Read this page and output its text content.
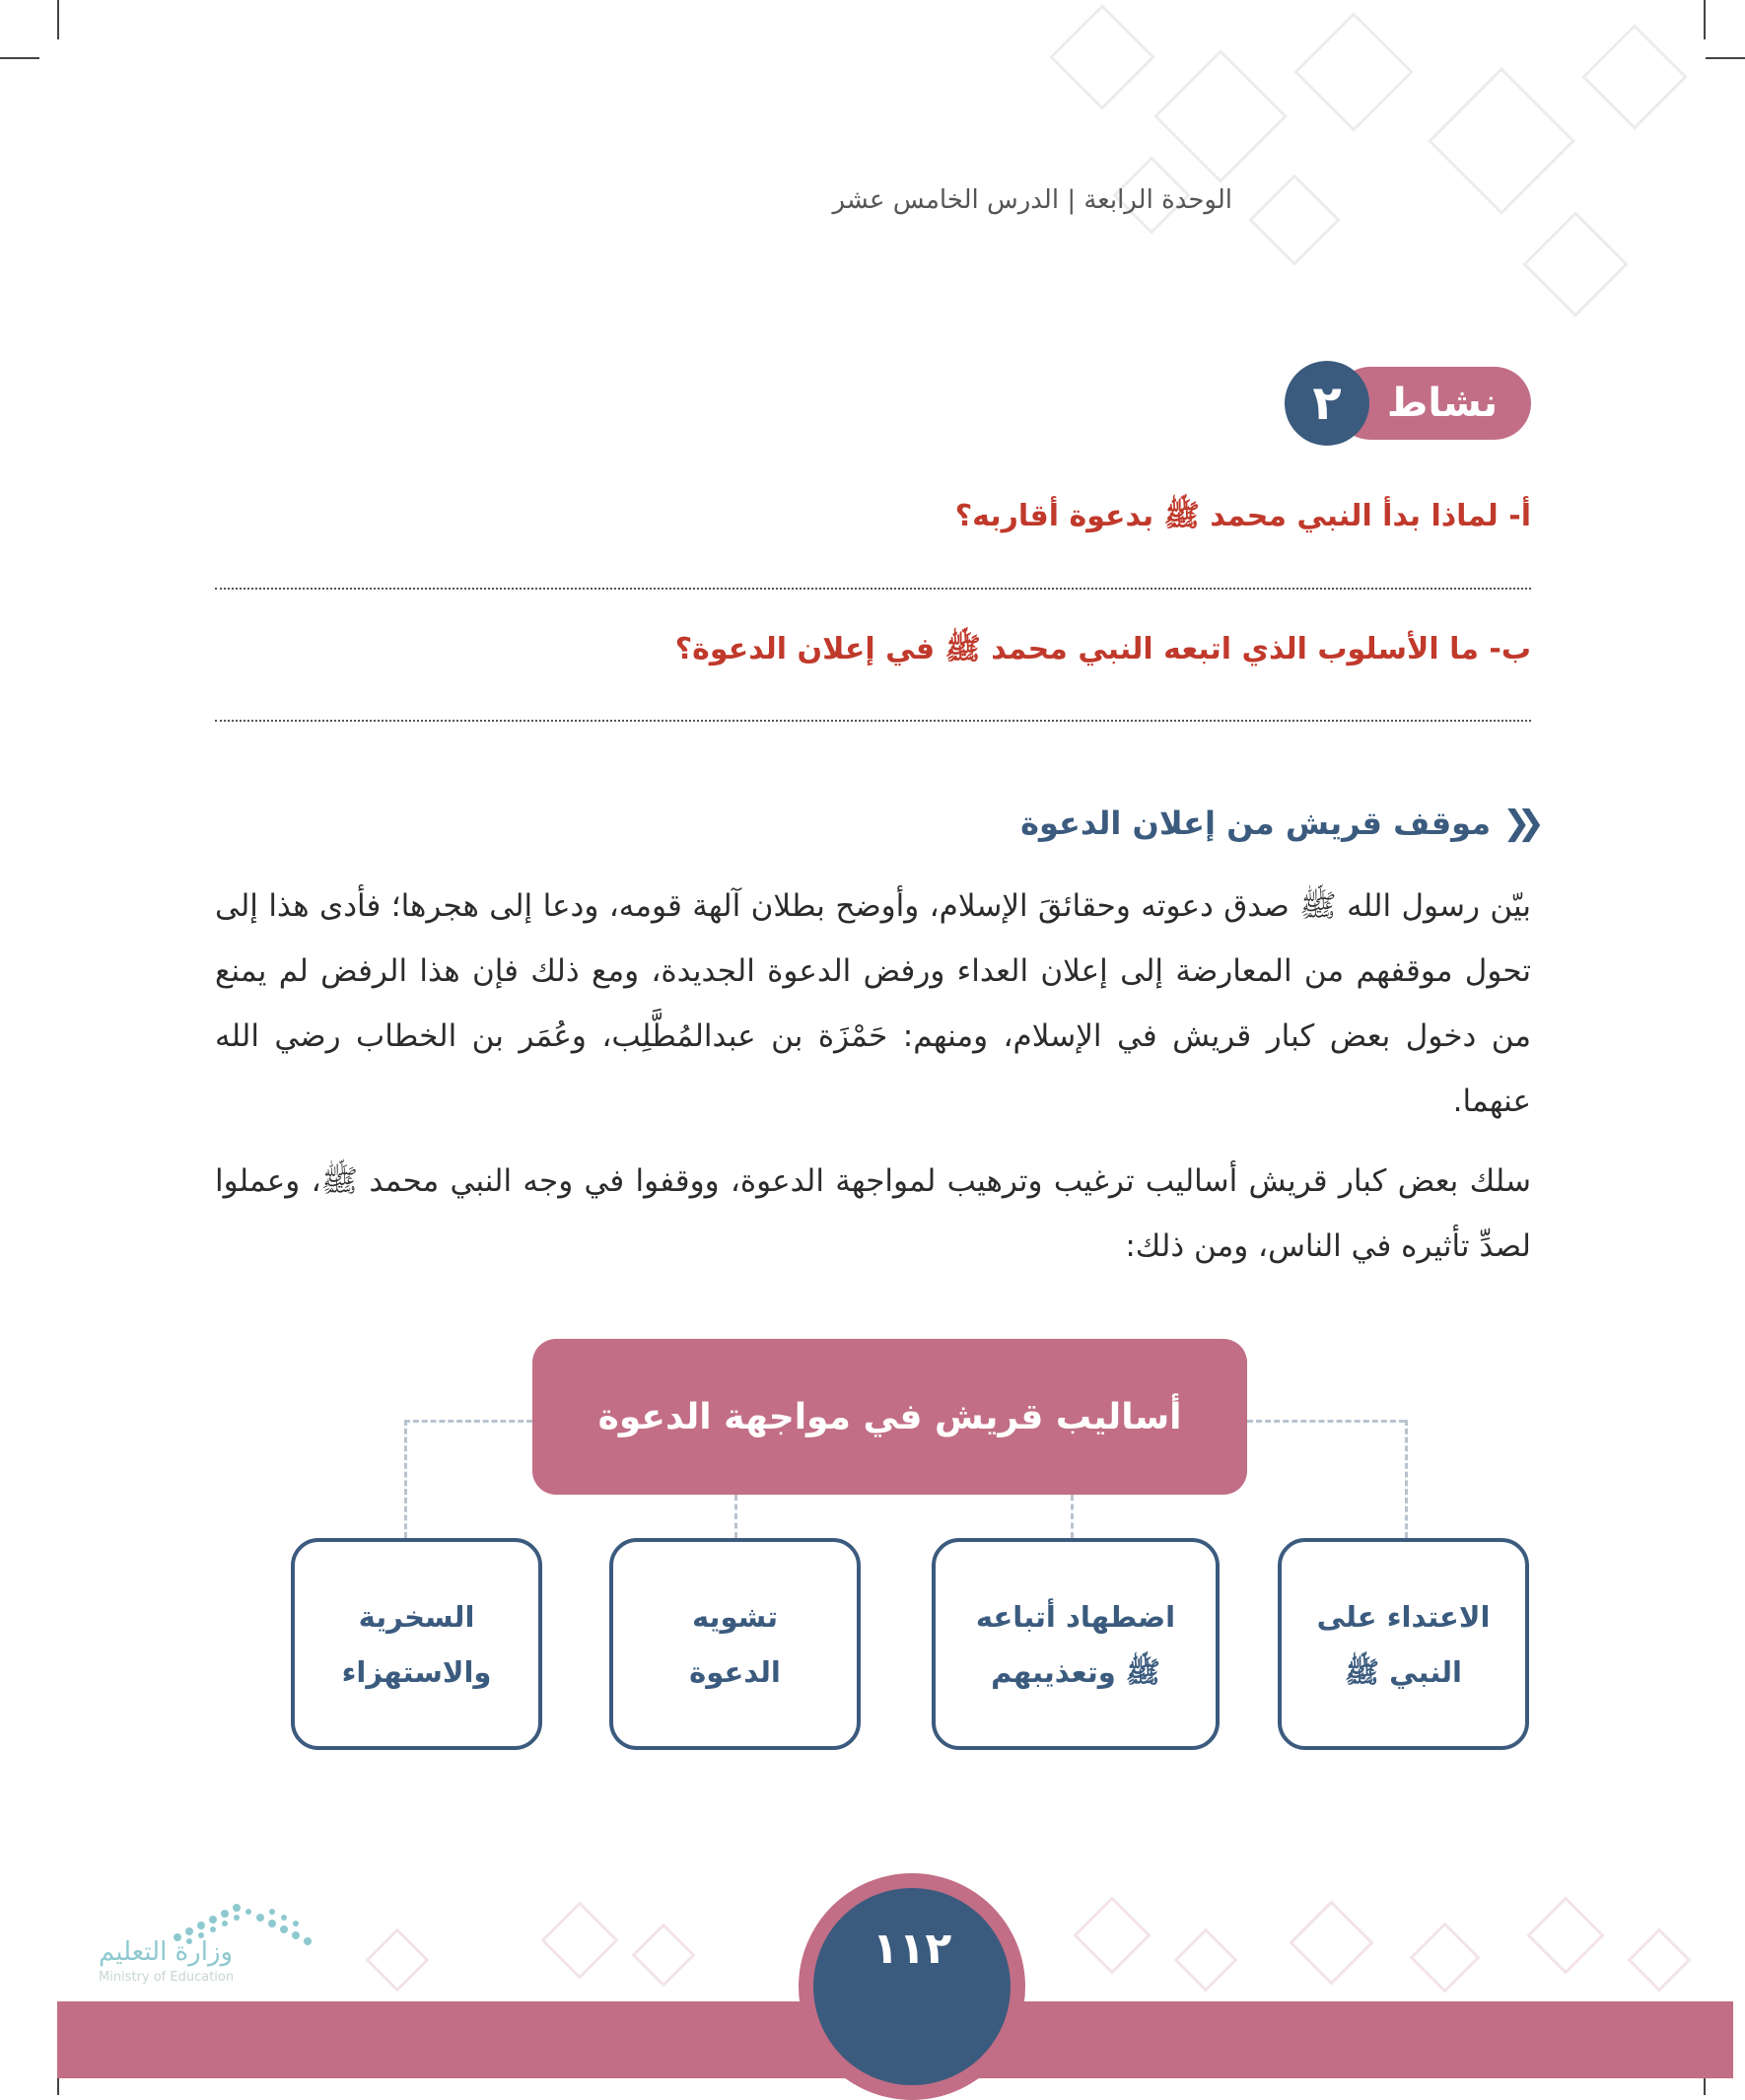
الوحدة الرابعة | الدرس الخامس عشر
نشاط
٢
أ- لماذا بدأ النبي محمد ﷺ بدعوة أقاربه؟
ب- ما الأسلوب الذي اتبعه النبي محمد ﷺ في إعلان الدعوة؟
❮❮
موقف قريش من إعلان الدعوة
بيّن رسول الله ﷺ صدق دعوته وحقائقَ الإسلام، وأوضح بطلان آلهة قومه، ودعا إلى هجرها؛ فأدى هذا إلى تحول موقفهم من المعارضة إلى إعلان العداء ورفض الدعوة الجديدة، ومع ذلك فإن هذا الرفض لم يمنع من دخول بعض كبار قريش في الإسلام، ومنهم: حَمْزَة بن عبدالمُطَّلِب، وعُمَر بن الخطاب رضي الله عنهما.
سلك بعض كبار قريش أساليب ترغيب وترهيب لمواجهة الدعوة، ووقفوا في وجه النبي محمد ﷺ، وعملوا لصدِّ تأثيره في الناس، ومن ذلك:
أساليب قريش في مواجهة الدعوة
الاعتداء على
النبي ﷺ
اضطهاد أتباعه
ﷺ وتعذيبهم
تشويه
الدعوة
السخرية
والاستهزاء
١١٢
وزارة التعليم
Ministry of Education
